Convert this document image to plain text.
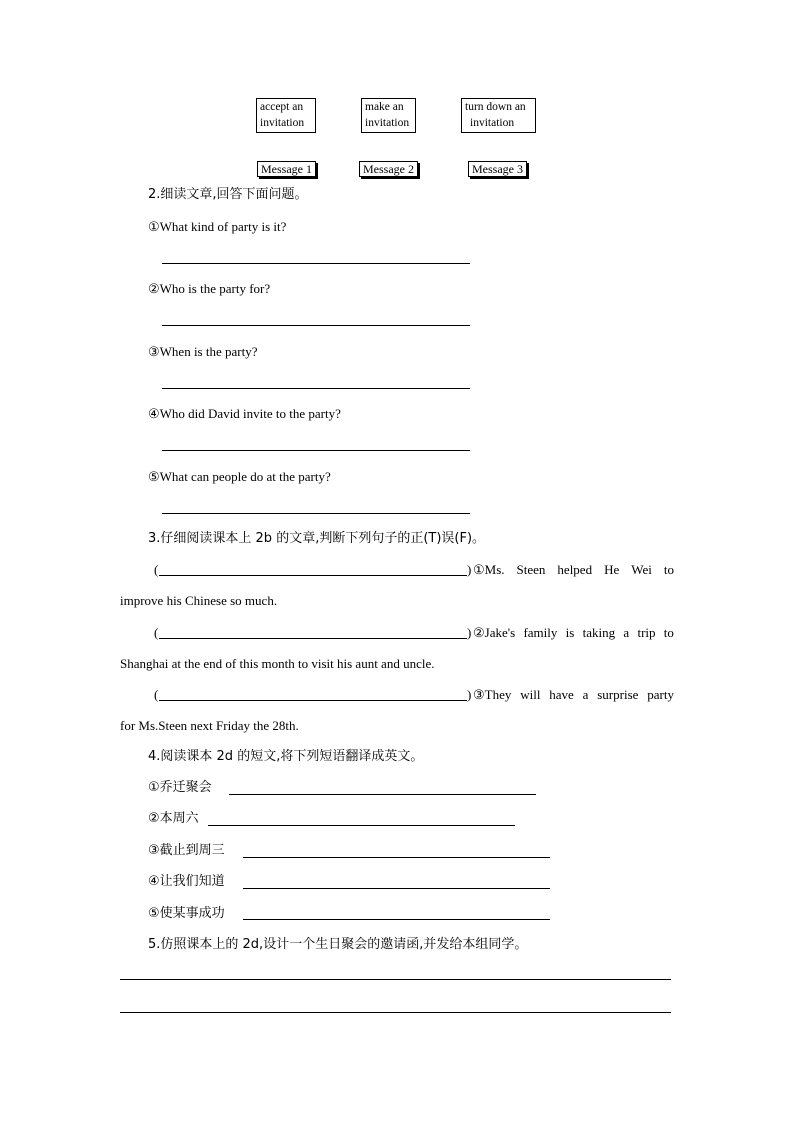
accept an
invitation
make an
invitation
turn down an
invitation
Message 1	Message 2	Message 3
2.细读文章,回答下面问题。
①What kind of party is it?
②Who is the party for?
③When is the party?
④Who did David invite to the party?
⑤What can people do at the party?
3.仔细阅读课本上 2b 的文章,判断下列句子的正(T)误(F)。
(	) ①Ms. Steen helped He Wei to
improve his Chinese so much.
(	) ②Jake's family is taking a trip to
Shanghai at the end of this month to visit his aunt and uncle.
(	) ③They will have a surprise party
for Ms.Steen next Friday the 28th.
4.阅读课本 2d 的短文,将下列短语翻译成英文。
①乔迁聚会
②本周六
③截止到周三
④让我们知道
⑤使某事成功
5.仿照课本上的 2d,设计一个生日聚会的邀请函,并发给本组同学。
